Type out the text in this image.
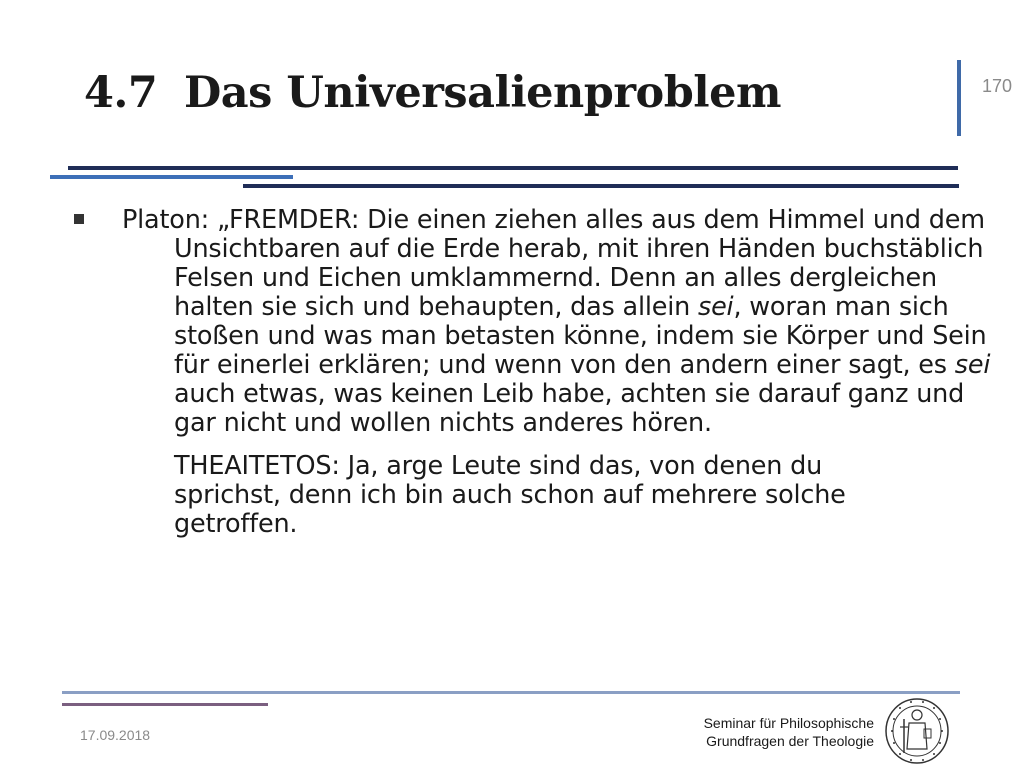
4.7 Das Universalienproblem	170

Platon: „FREMDER: Die einen ziehen alles aus dem Himmel und dem Unsichtbaren auf die Erde herab, mit ihren Händen buchstäblich Felsen und Eichen umklammernd. Denn an alles dergleichen halten sie sich und behaupten, das allein sei, woran man sich stoßen und was man betasten könne, indem sie Körper und Sein für einerlei erklären; und wenn von den andern einer sagt, es sei auch etwas, was keinen Leib habe, achten sie darauf ganz und gar nicht und wollen nichts anderes hören.

THEAITETOS: Ja, arge Leute sind das, von denen du sprichst, denn ich bin auch schon auf mehrere solche getroffen.

17.09.2018
Seminar für Philosophische
Grundfragen der Theologie
